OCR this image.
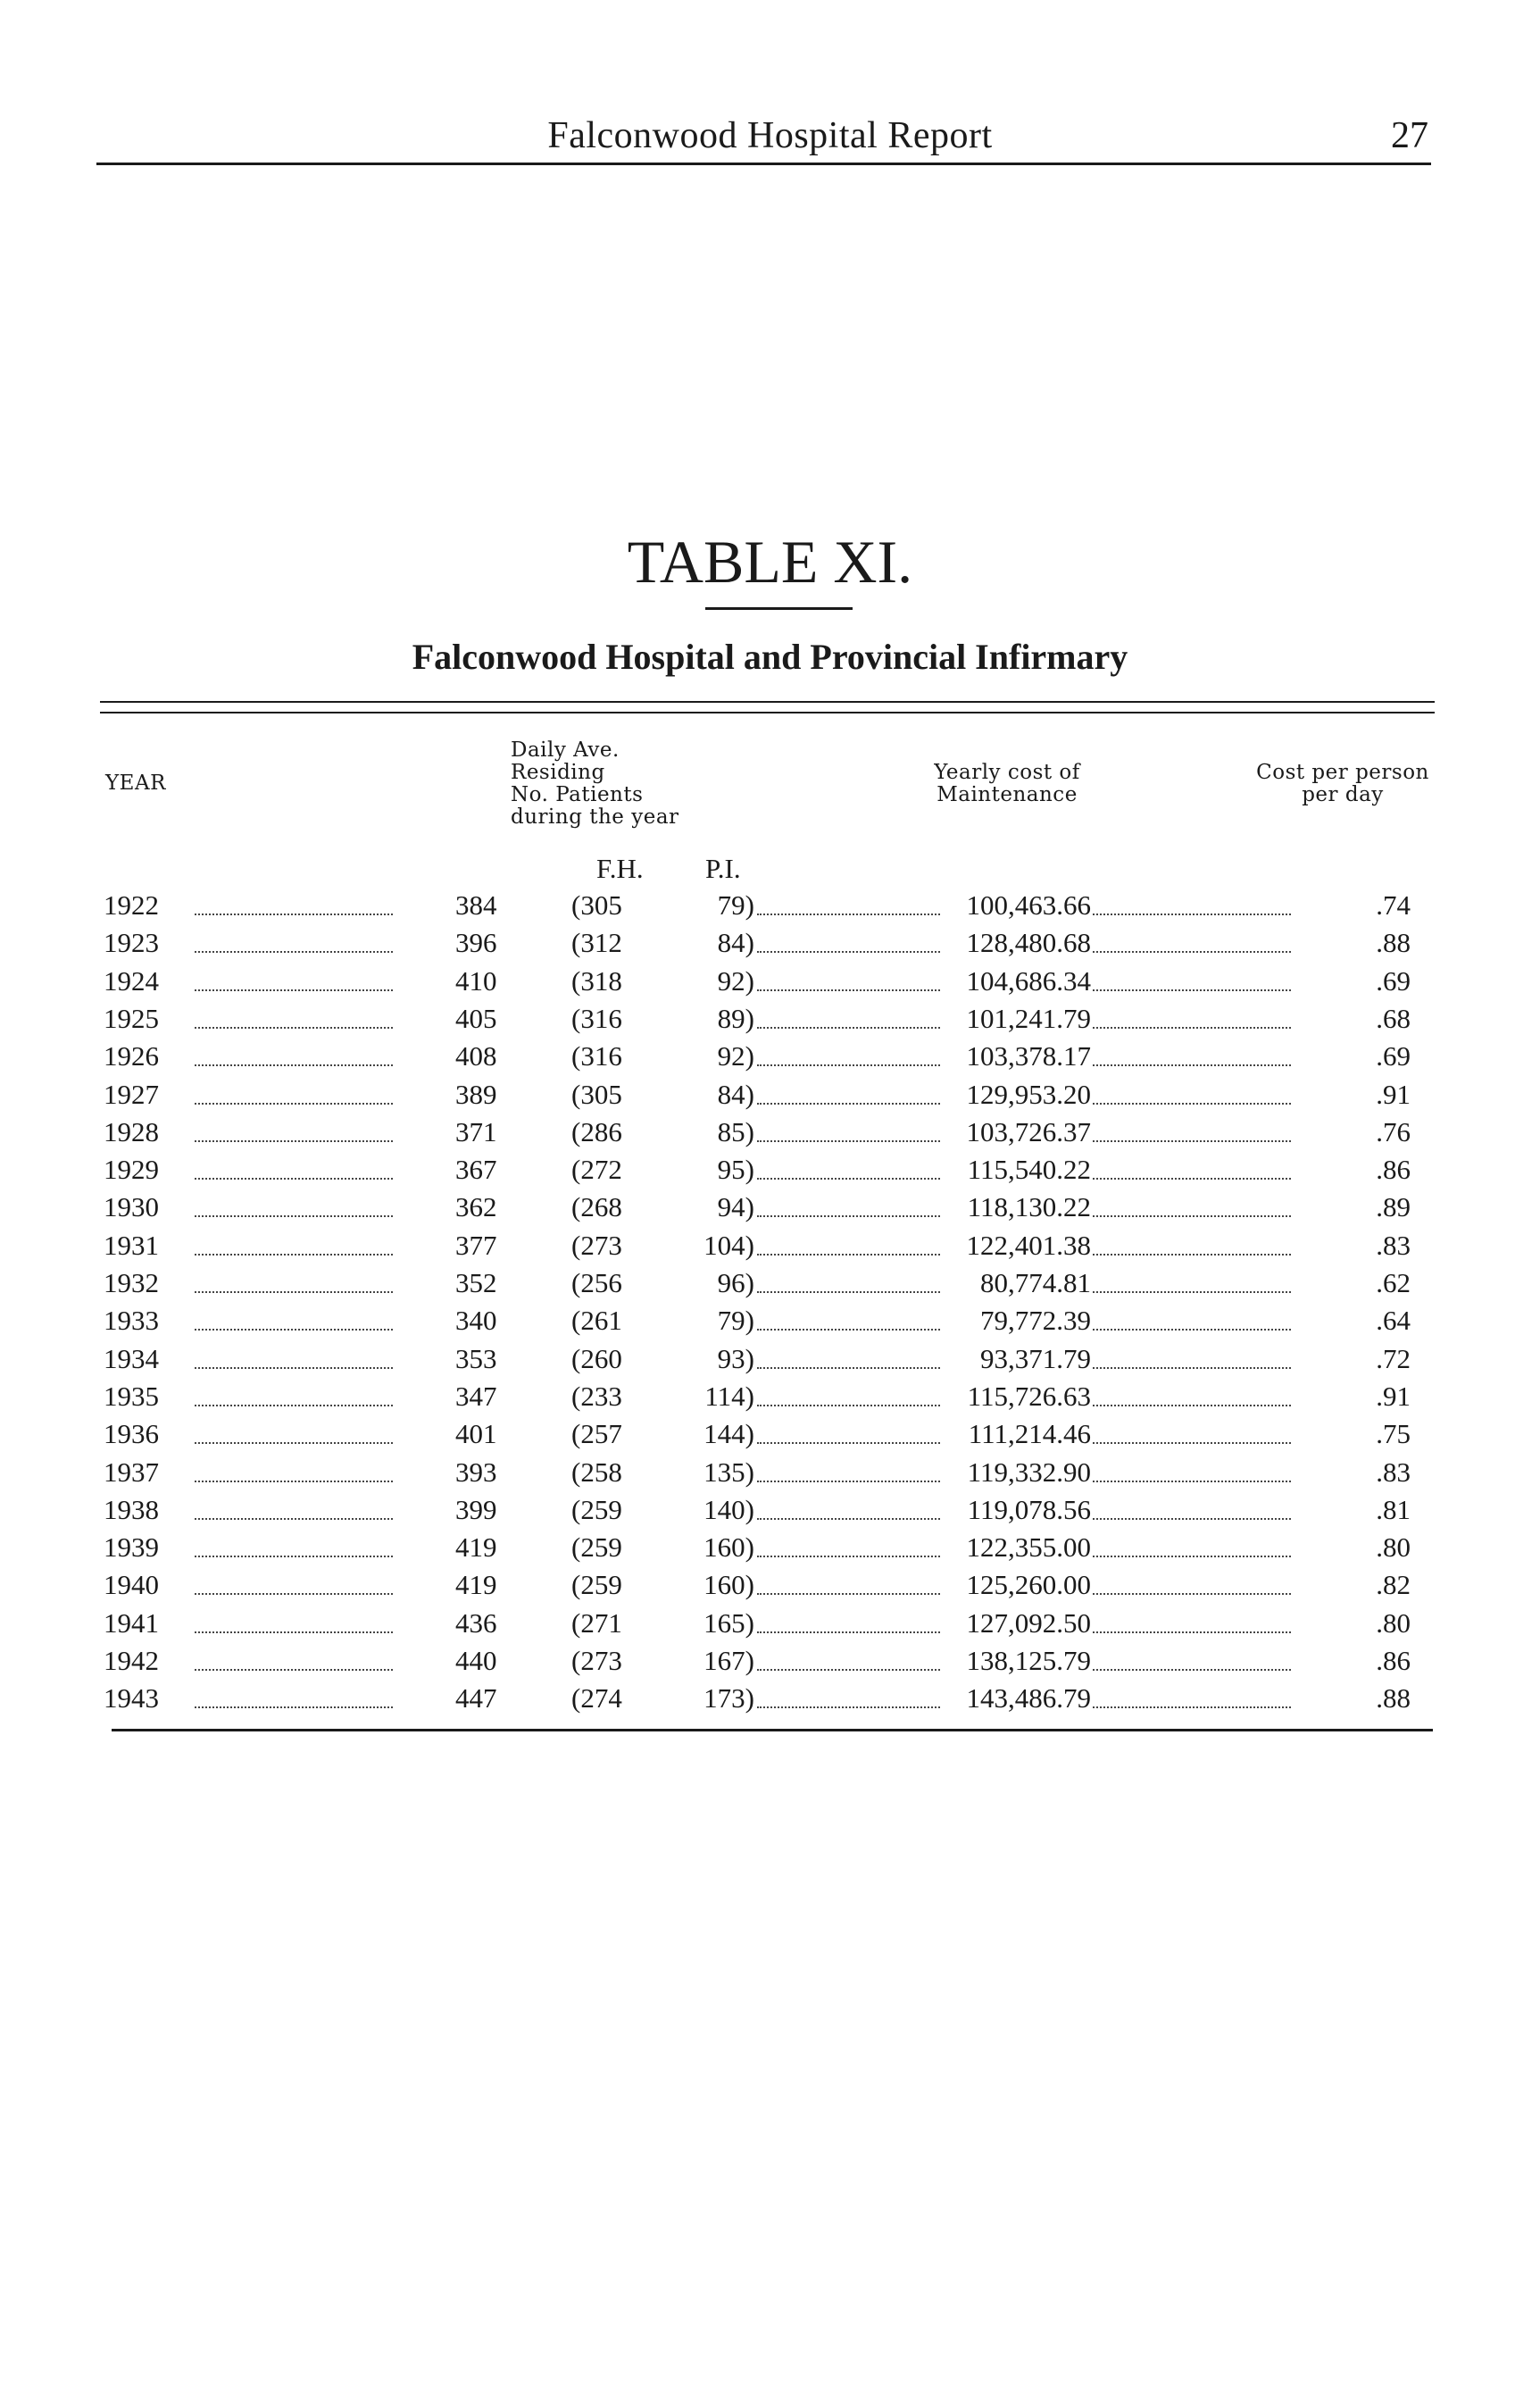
Falconwood Hospital Report	27
TABLE XI.
Falconwood Hospital and Provincial Infirmary
YEAR
Daily Ave.
Residing
No. Patients
during the year
Yearly cost of
Maintenance
Cost per person
per day
F.H. P.I.
1922	384	(305	79)	100,463.66	.74
1923	396	(312	84)	128,480.68	.88
1924	410	(318	92)	104,686.34	.69
1925	405	(316	89)	101,241.79	.68
1926	408	(316	92)	103,378.17	.69
1927	389	(305	84)	129,953.20	.91
1928	371	(286	85)	103,726.37	.76
1929	367	(272	95)	115,540.22	.86
1930	362	(268	94)	118,130.22	.89
1931	377	(273	104)	122,401.38	.83
1932	352	(256	96)	80,774.81	.62
1933	340	(261	79)	79,772.39	.64
1934	353	(260	93)	93,371.79	.72
1935	347	(233	114)	115,726.63	.91
1936	401	(257	144)	111,214.46	.75
1937	393	(258	135)	119,332.90	.83
1938	399	(259	140)	119,078.56	.81
1939	419	(259	160)	122,355.00	.80
1940	419	(259	160)	125,260.00	.82
1941	436	(271	165)	127,092.50	.80
1942	440	(273	167)	138,125.79	.86
1943	447	(274	173)	143,486.79	.88
